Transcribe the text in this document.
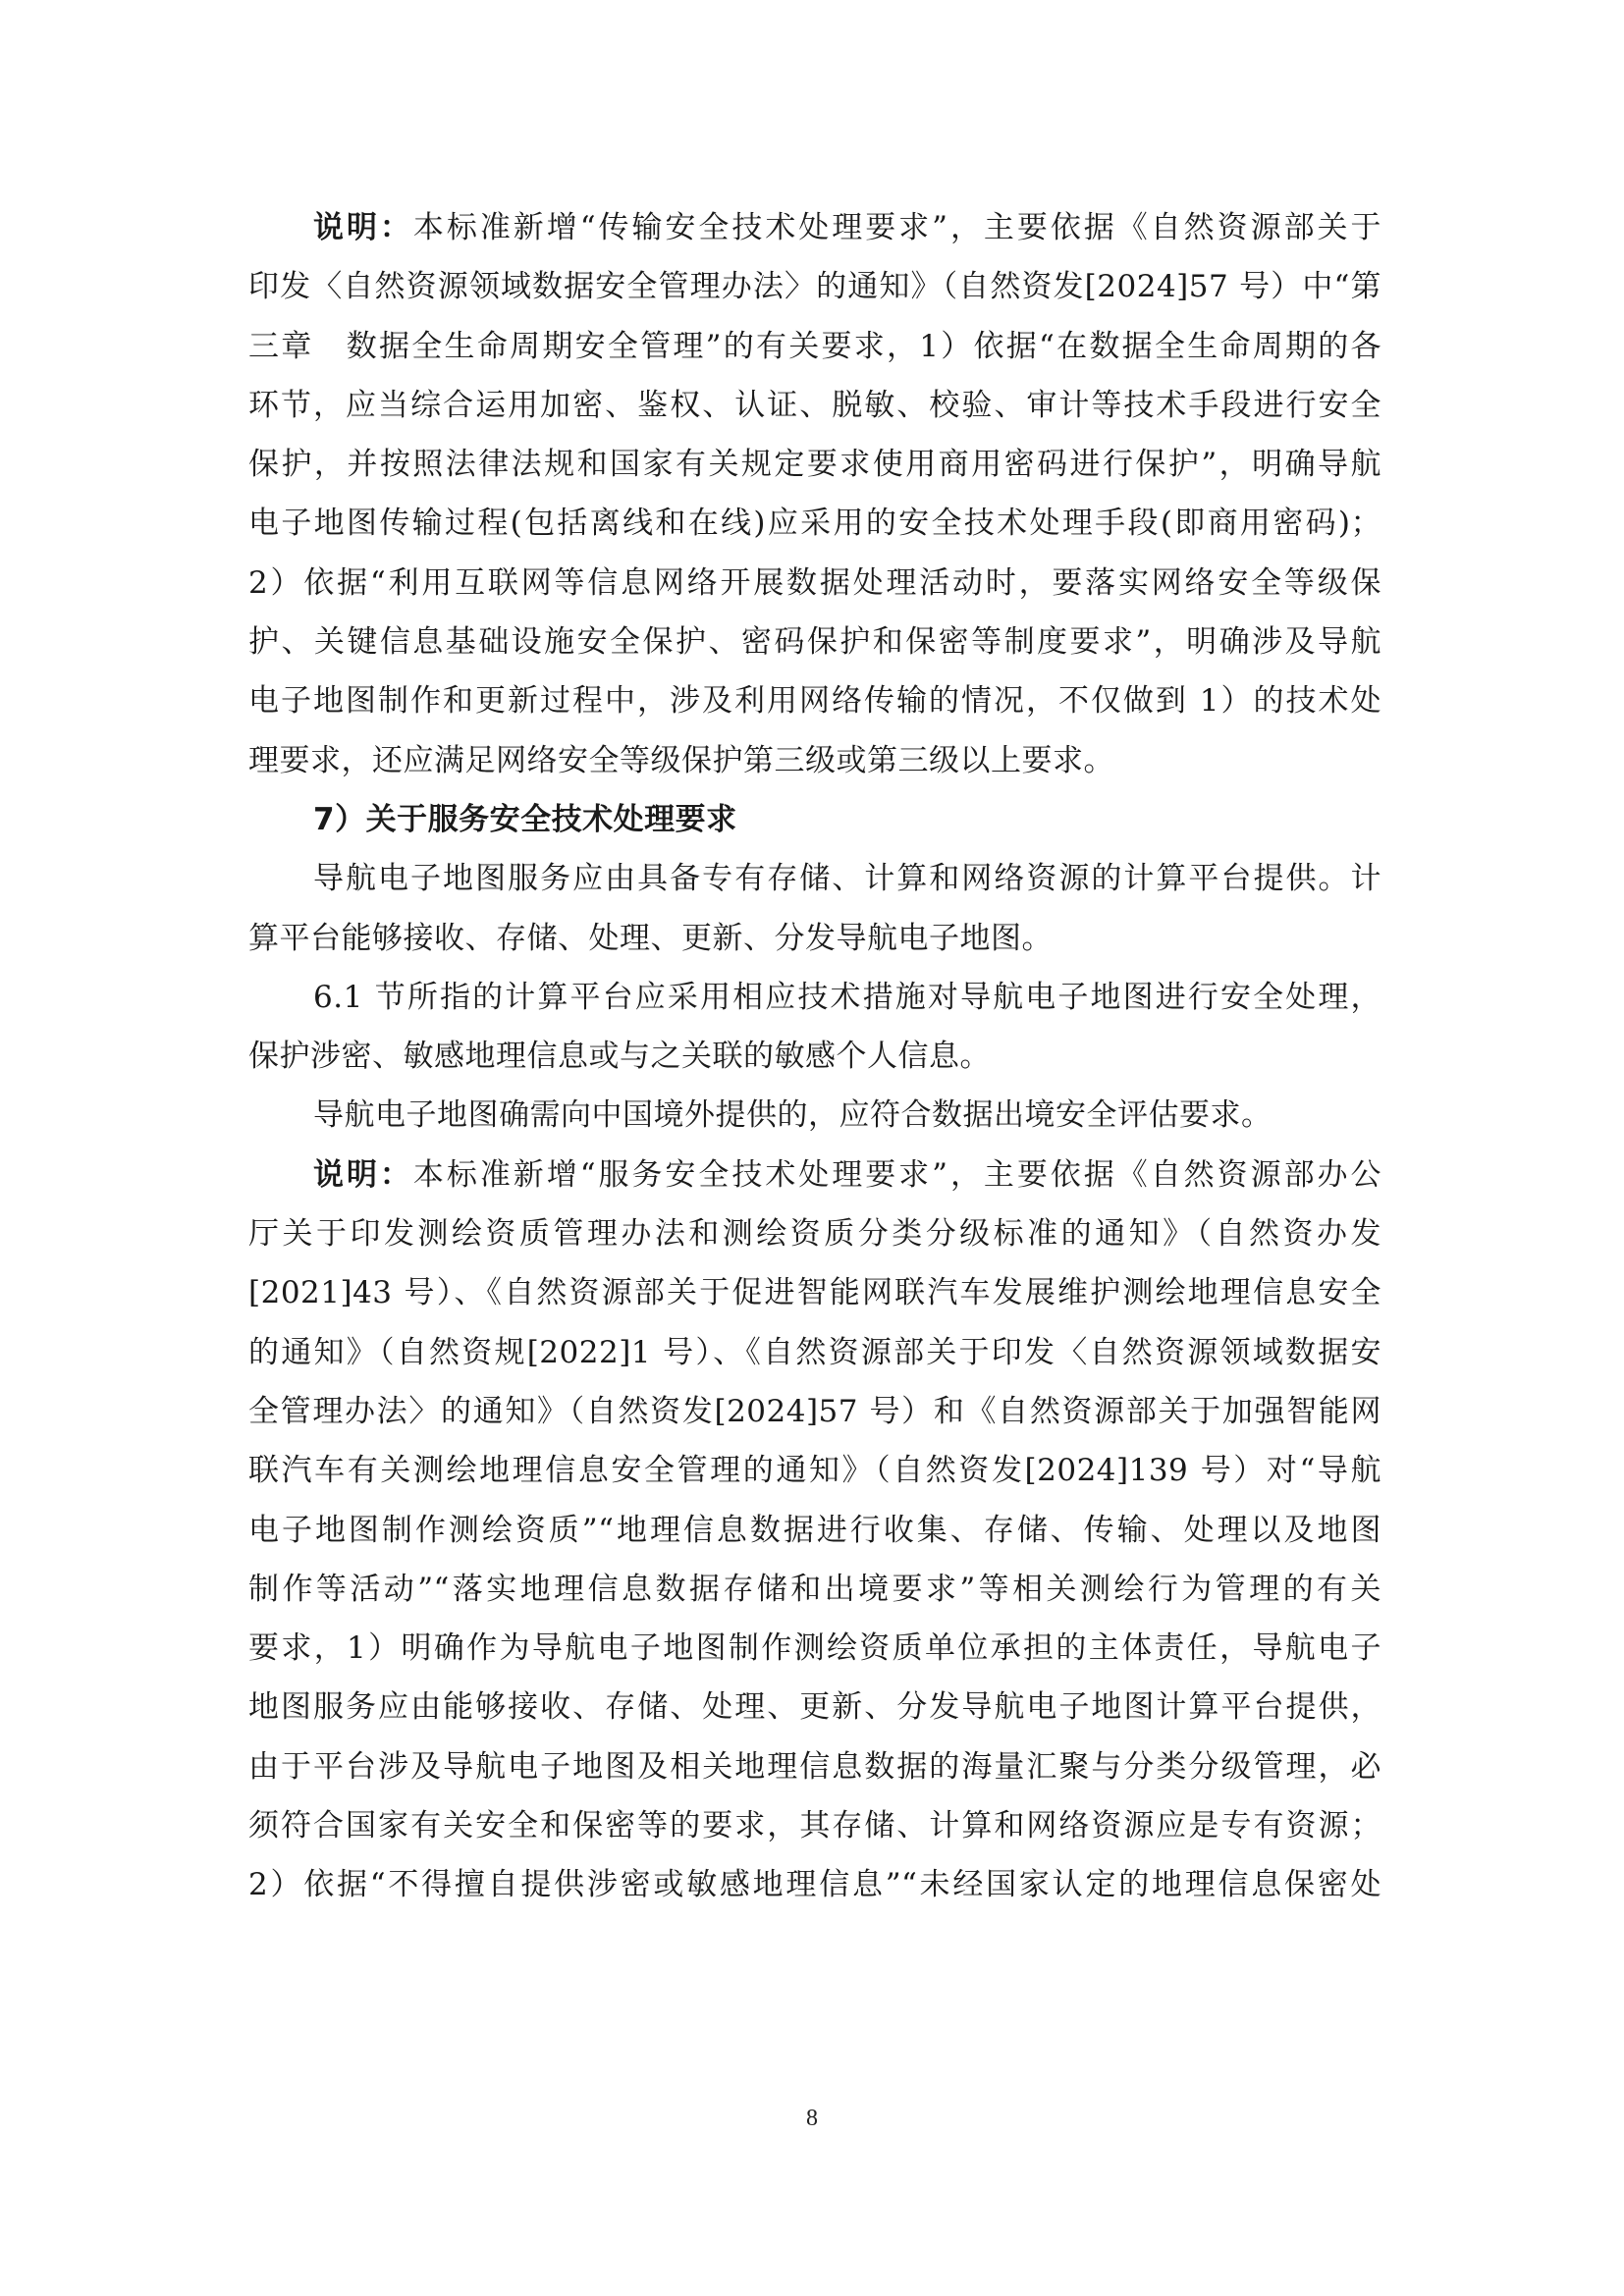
说明：本标准新增“传输安全技术处理要求”，主要依据《自然资源部关于
印发〈自然资源领域数据安全管理办法〉的通知》（自然资发[2024]57 号）中“第
三章　数据全生命周期安全管理”的有关要求，1）依据“在数据全生命周期的各
环节，应当综合运用加密、鉴权、认证、脱敏、校验、审计等技术手段进行安全
保护，并按照法律法规和国家有关规定要求使用商用密码进行保护”，明确导航
电子地图传输过程(包括离线和在线)应采用的安全技术处理手段(即商用密码)；
2）依据“利用互联网等信息网络开展数据处理活动时，要落实网络安全等级保
护、关键信息基础设施安全保护、密码保护和保密等制度要求”，明确涉及导航
电子地图制作和更新过程中，涉及利用网络传输的情况，不仅做到 1）的技术处
理要求，还应满足网络安全等级保护第三级或第三级以上要求。
7）关于服务安全技术处理要求
导航电子地图服务应由具备专有存储、计算和网络资源的计算平台提供。计
算平台能够接收、存储、处理、更新、分发导航电子地图。
6.1 节所指的计算平台应采用相应技术措施对导航电子地图进行安全处理，
保护涉密、敏感地理信息或与之关联的敏感个人信息。
导航电子地图确需向中国境外提供的，应符合数据出境安全评估要求。
说明：本标准新增“服务安全技术处理要求”，主要依据《自然资源部办公
厅关于印发测绘资质管理办法和测绘资质分类分级标准的通知》（自然资办发
[2021]43 号）、《自然资源部关于促进智能网联汽车发展维护测绘地理信息安全
的通知》（自然资规[2022]1 号）、《自然资源部关于印发〈自然资源领域数据安
全管理办法〉的通知》（自然资发[2024]57 号）和《自然资源部关于加强智能网
联汽车有关测绘地理信息安全管理的通知》（自然资发[2024]139 号）对“导航
电子地图制作测绘资质”“地理信息数据进行收集、存储、传输、处理以及地图
制作等活动”“落实地理信息数据存储和出境要求”等相关测绘行为管理的有关
要求，1）明确作为导航电子地图制作测绘资质单位承担的主体责任，导航电子
地图服务应由能够接收、存储、处理、更新、分发导航电子地图计算平台提供，
由于平台涉及导航电子地图及相关地理信息数据的海量汇聚与分类分级管理，必
须符合国家有关安全和保密等的要求，其存储、计算和网络资源应是专有资源；
2）依据“不得擅自提供涉密或敏感地理信息”“未经国家认定的地理信息保密处
8
